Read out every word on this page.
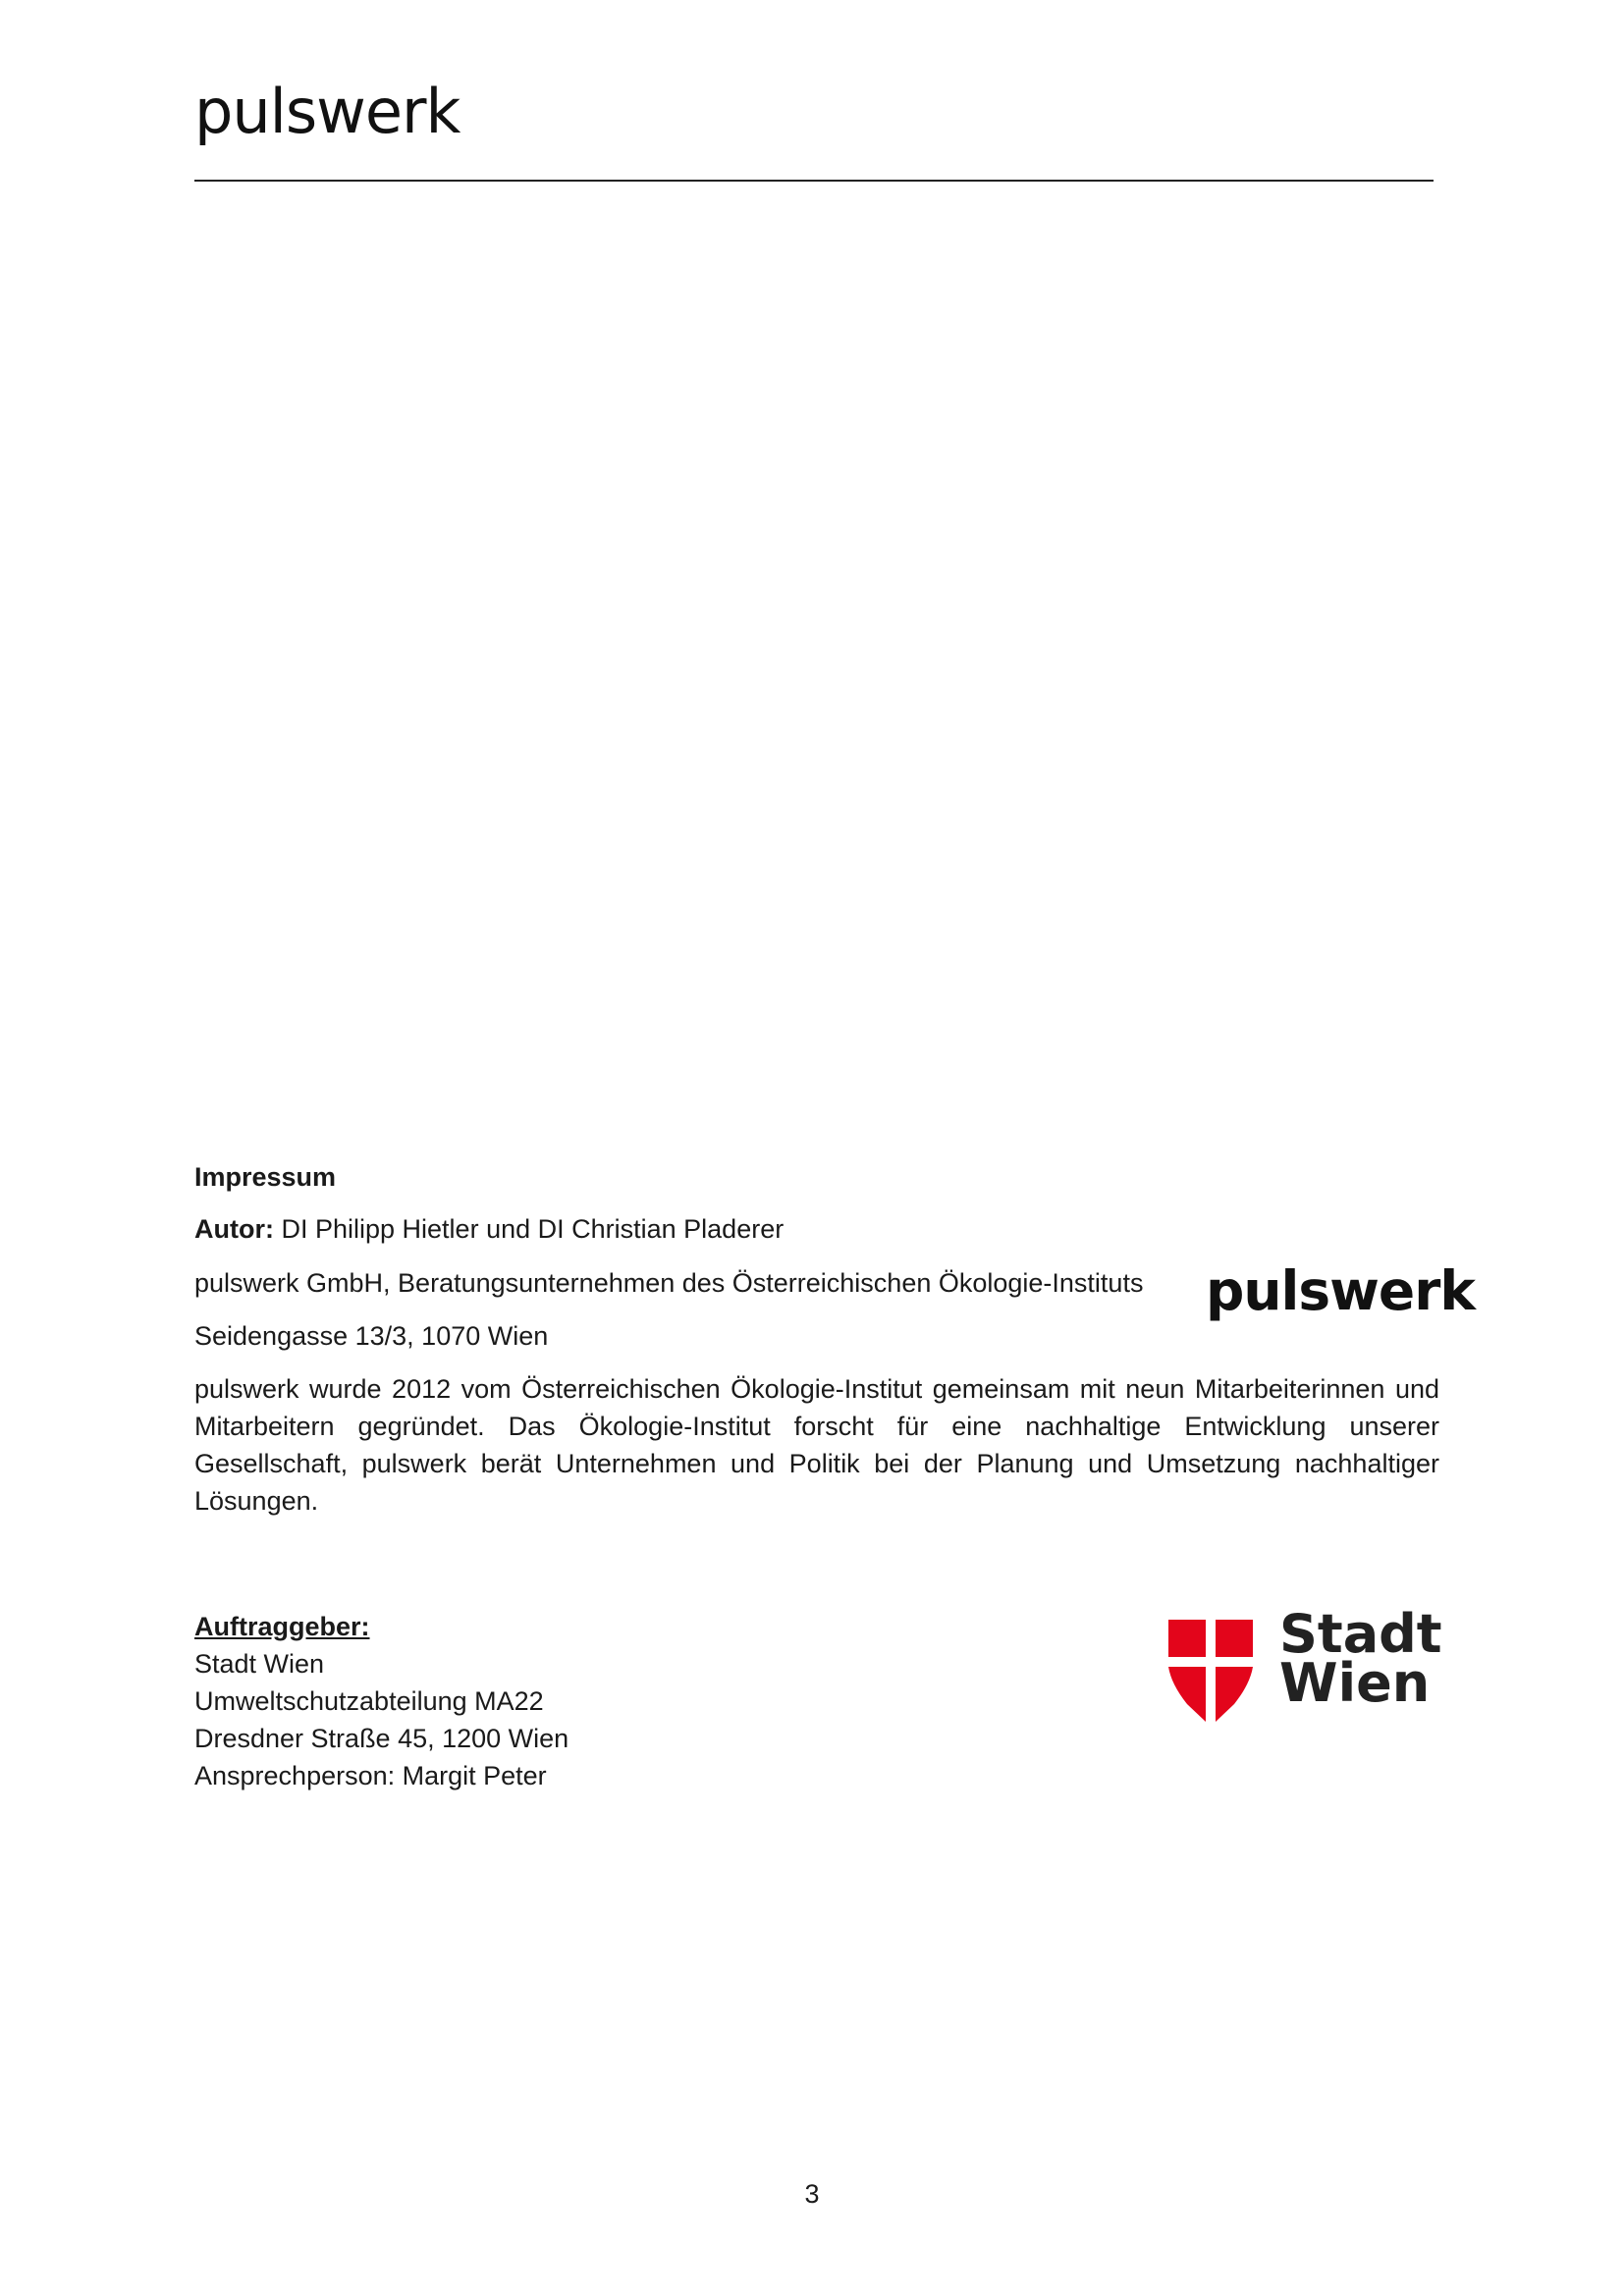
pulswerk
Impressum
Autor: DI Philipp Hietler und DI Christian Pladerer
pulswerk GmbH, Beratungsunternehmen des Österreichischen Ökologie-Instituts
Seidengasse 13/3, 1070 Wien
pulswerk wurde 2012 vom Österreichischen Ökologie-Institut gemeinsam mit neun Mitarbeiterinnen und Mitarbeitern gegründet. Das Ökologie-Institut forscht für eine nachhaltige Entwicklung unserer Gesellschaft, pulswerk berät Unternehmen und Politik bei der Planung und Umsetzung nachhaltiger Lösungen.
pulswerk
Auftraggeber:
Stadt Wien
Umweltschutzabteilung MA22
Dresdner Straße 45, 1200 Wien
Ansprechperson: Margit Peter
Stadt
Wien
3
